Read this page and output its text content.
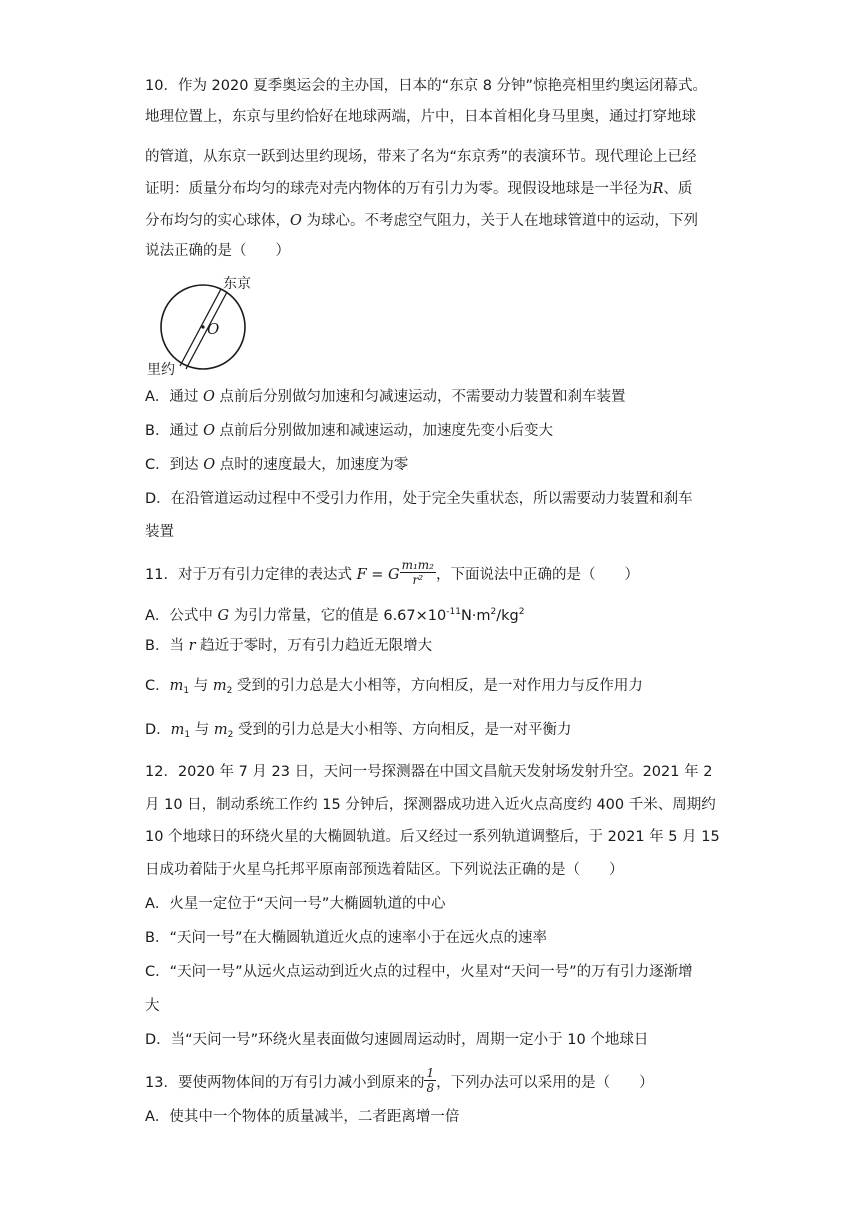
10．作为 2020 夏季奥运会的主办国，日本的“东京 8 分钟”惊艳亮相里约奥运闭幕式。
地理位置上，东京与里约恰好在地球两端，片中，日本首相化身马里奥，通过打穿地球
的管道，从东京一跃到达里约现场，带来了名为“东京秀”的表演环节。现代理论上已经
证明：质量分布均匀的球壳对壳内物体的万有引力为零。现假设地球是一半径为R、质
分布均匀的实心球体，O 为球心。不考虑空气阻力，关于人在地球管道中的运动，下列
说法正确的是（　　）
O
东京
里约
A．通过 O 点前后分别做匀加速和匀减速运动，不需要动力装置和刹车装置
B．通过 O 点前后分别做加速和减速运动，加速度先变小后变大
C．到达 O 点时的速度最大，加速度为零
D．在沿管道运动过程中不受引力作用，处于完全失重状态，所以需要动力装置和刹车
装置
11．对于万有引力定律的表达式 F = G $\frac{\text{m₁m₂}}{\text{r²}}$ ，下面说法中正确的是（　　）
A．公式中 G 为引力常量，它的值是 $6.67\times 10^{-11}N\cdot m^2/kg^2$
B．当 r 趋近于零时，万有引力趋近无限增大
C．$m_1$ 与 $m_2$ 受到的引力总是大小相等，方向相反，是一对作用力与反作用力
D．$m_1$ 与 $m_2$ 受到的引力总是大小相等、方向相反，是一对平衡力
12．2020 年 7 月 23 日，天问一号探测器在中国文昌航天发射场发射升空。2021 年 2
月 10 日，制动系统工作约 15 分钟后，探测器成功进入近火点高度约 400 千米、周期约
10 个地球日的环绕火星的大椭圆轨道。后又经过一系列轨道调整后，于 2021 年 5 月 15
日成功着陆于火星乌托邦平原南部预选着陆区。下列说法正确的是（　　）
A．火星一定位于“天问一号”大椭圆轨道的中心
B．“天问一号”在大椭圆轨道近火点的速率小于在远火点的速率
C．“天问一号”从远火点运动到近火点的过程中，火星对“天问一号”的万有引力逐渐增
大
D．当“天问一号”环绕火星表面做匀速圆周运动时，周期一定小于 10 个地球日
13．要使两物体间的万有引力减小到原来的 $\frac{1}{8}$ ，下列办法可以采用的是（　　）
A．使其中一个物体的质量减半，二者距离增一倍
